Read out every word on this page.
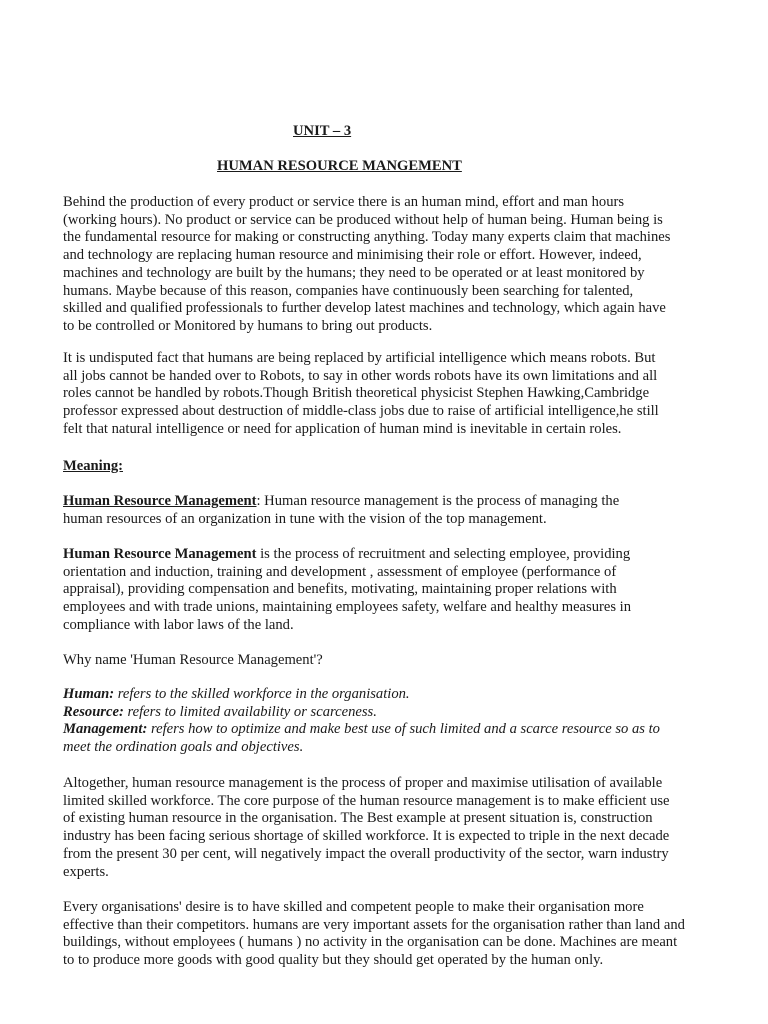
UNIT – 3
HUMAN RESOURCE MANGEMENT
Behind the production of every product or service there is an human mind, effort and man hours
(working hours). No product or service can be produced without help of human being. Human being is
the fundamental resource for making or constructing anything. Today many experts claim that machines
and technology are replacing human resource and minimising their role or effort. However, indeed,
machines and technology are built by the humans; they need to be operated or at least monitored by
humans. Maybe because of this reason, companies have continuously been searching for talented,
skilled and qualified professionals to further develop latest machines and technology, which again have
to be controlled or Monitored by humans to bring out products.
It is undisputed fact that humans are being replaced by artificial intelligence which means robots. But
all jobs cannot be handed over to Robots, to say in other words robots have its own limitations and all
roles cannot be handled by robots.Though British theoretical physicist Stephen Hawking,Cambridge
professor expressed about destruction of middle-class jobs due to raise of artificial intelligence,he still
felt that natural intelligence or need for application of human mind is inevitable in certain roles.
Meaning:
Human Resource Management: Human resource management is the process of managing the
human resources of an organization in tune with the vision of the top management.
Human Resource Management is the process of recruitment and selecting employee, providing
orientation and induction, training and development , assessment of employee (performance of
appraisal), providing compensation and benefits, motivating, maintaining proper relations with
employees and with trade unions, maintaining employees safety, welfare and healthy measures in
compliance with labor laws of the land.
Why name 'Human Resource Management'?
Human: refers to the skilled workforce in the organisation.
Resource: refers to limited availability or scarceness.
Management: refers how to optimize and make best use of such limited and a scarce resource so as to
meet the ordination goals and objectives.
Altogether, human resource management is the process of proper and maximise utilisation of available
limited skilled workforce. The core purpose of the human resource management is to make efficient use
of existing human resource in the organisation. The Best example at present situation is, construction
industry has been facing serious shortage of skilled workforce. It is expected to triple in the next decade
from the present 30 per cent, will negatively impact the overall productivity of the sector, warn industry
experts.
Every organisations' desire is to have skilled and competent people to make their organisation more
effective than their competitors. humans are very important assets for the organisation rather than land and
buildings, without employees ( humans ) no activity in the organisation can be done. Machines are meant
to to produce more goods with good quality but they should get operated by the human only.
